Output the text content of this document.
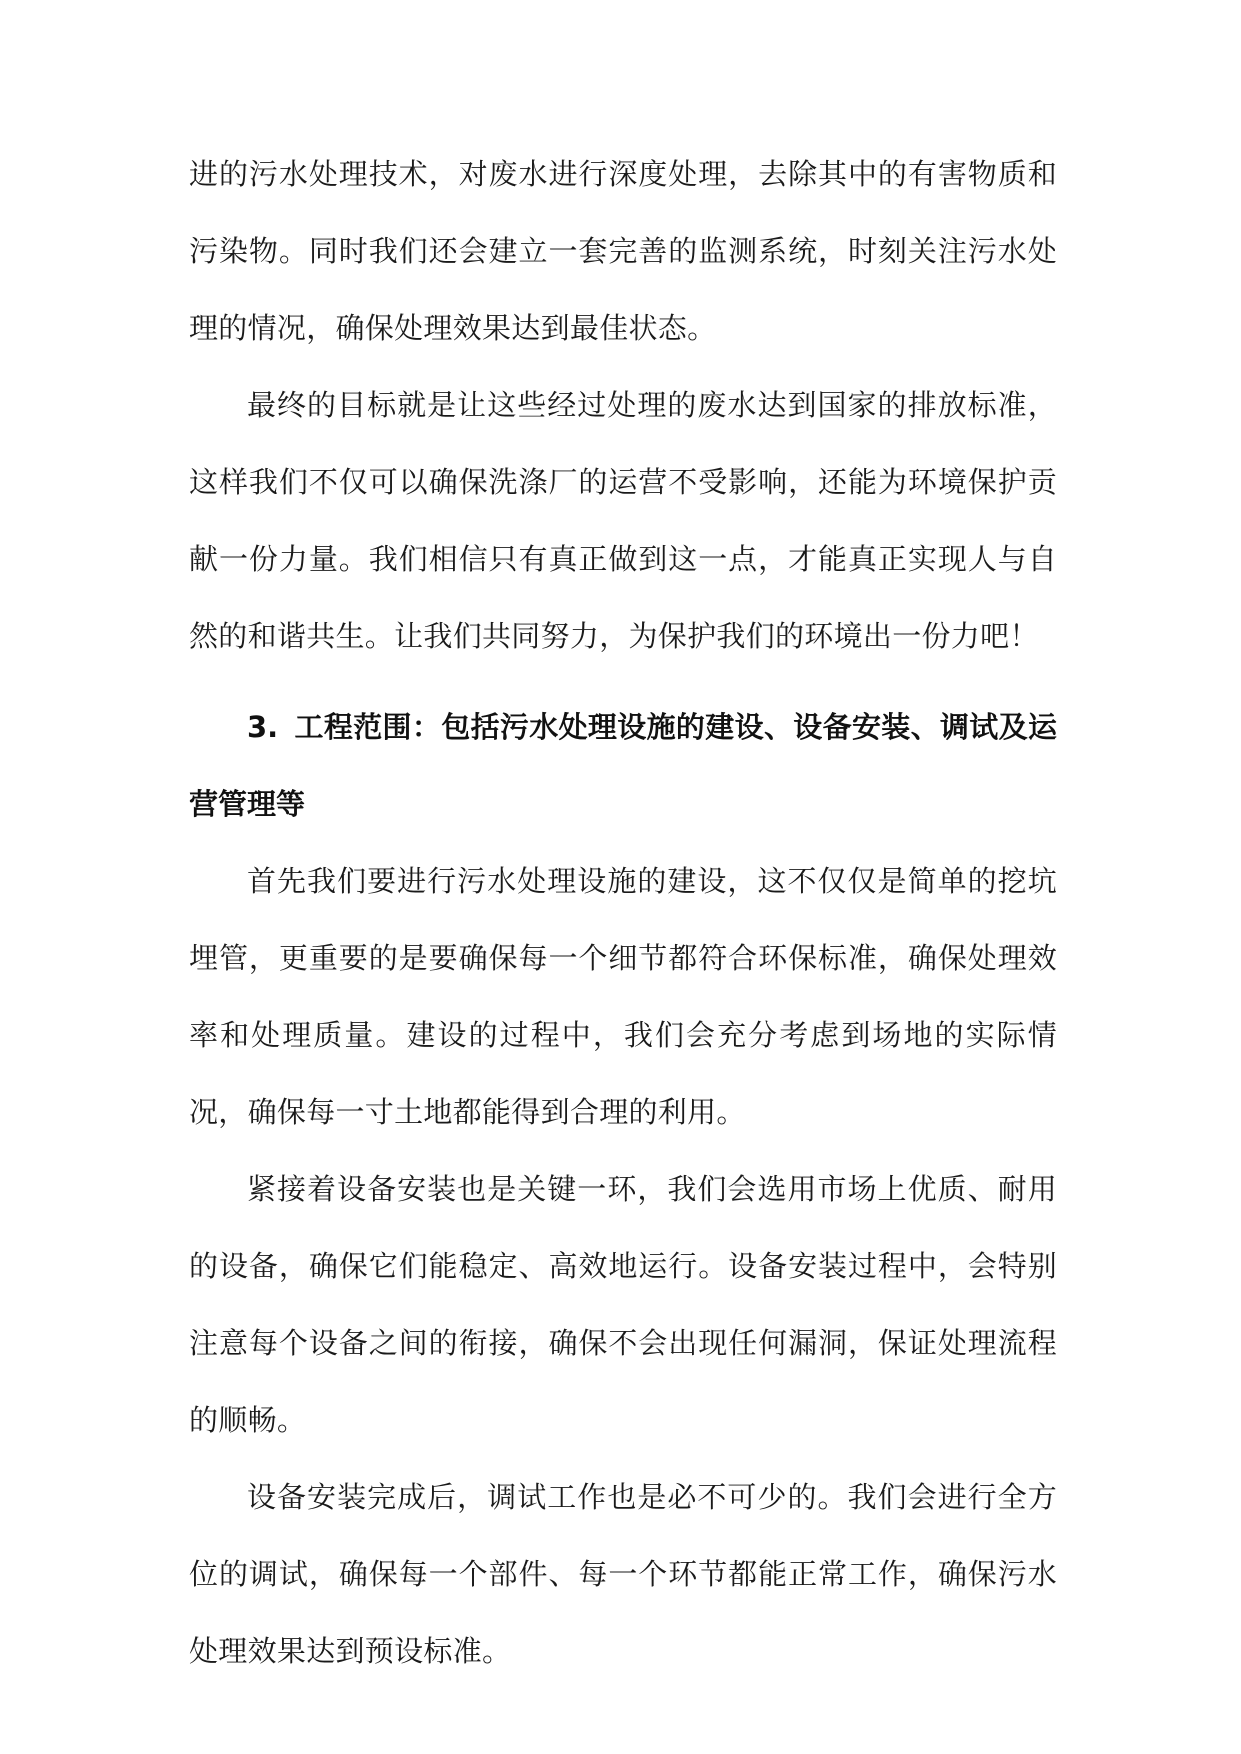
进的污水处理技术，对废水进行深度处理，去除其中的有害物质和污染物。同时我们还会建立一套完善的监测系统，时刻关注污水处理的情况，确保处理效果达到最佳状态。

最终的目标就是让这些经过处理的废水达到国家的排放标准，这样我们不仅可以确保洗涤厂的运营不受影响，还能为环境保护贡献一份力量。我们相信只有真正做到这一点，才能真正实现人与自然的和谐共生。让我们共同努力，为保护我们的环境出一份力吧！

3. 工程范围：包括污水处理设施的建设、设备安装、调试及运营管理等

首先我们要进行污水处理设施的建设，这不仅仅是简单的挖坑埋管，更重要的是要确保每一个细节都符合环保标准，确保处理效率和处理质量。建设的过程中，我们会充分考虑到场地的实际情况，确保每一寸土地都能得到合理的利用。

紧接着设备安装也是关键一环，我们会选用市场上优质、耐用的设备，确保它们能稳定、高效地运行。设备安装过程中，会特别注意每个设备之间的衔接，确保不会出现任何漏洞，保证处理流程的顺畅。

设备安装完成后，调试工作也是必不可少的。我们会进行全方位的调试，确保每一个部件、每一个环节都能正常工作，确保污水处理效果达到预设标准。
